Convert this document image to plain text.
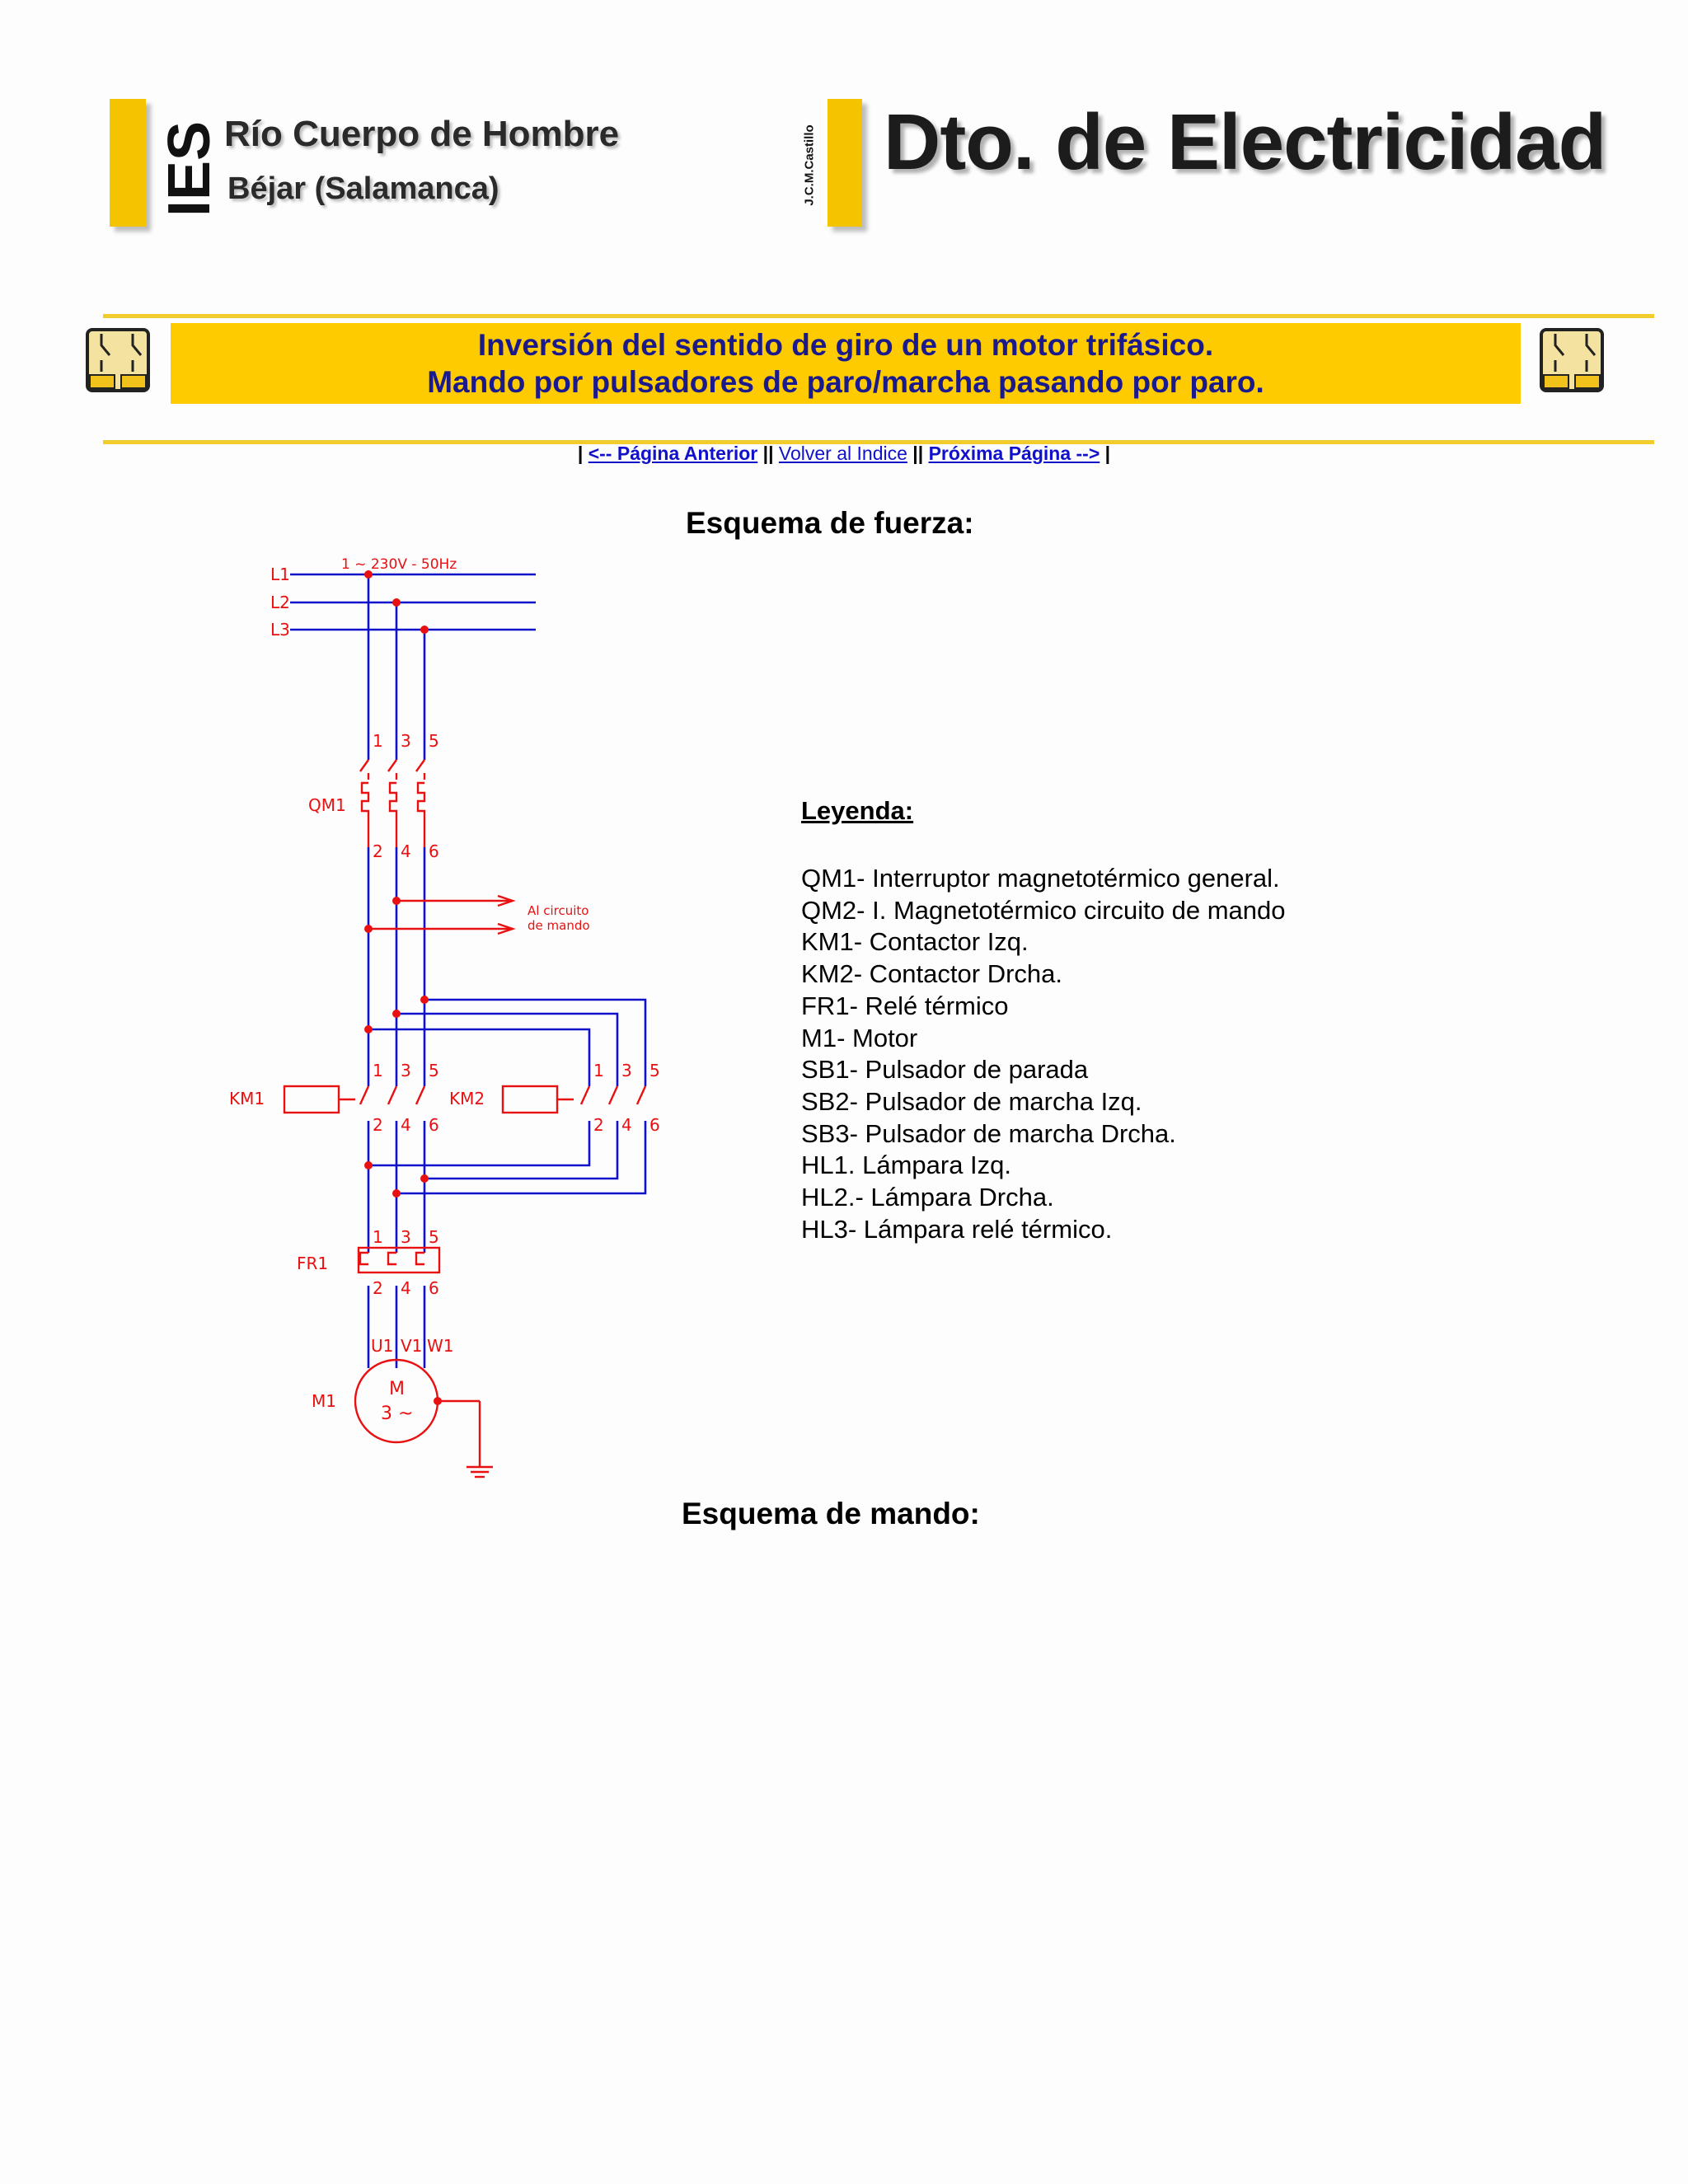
IES Río Cuerpo de Hombre
Béjar (Salamanca)	J.C.M.Castillo Dto. de Electricidad
Inversión del sentido de giro de un motor trifásico.
Mando por pulsadores de paro/marcha pasando por paro.
| <-- Página Anterior || Volver al Indice || Próxima Página --> |
Esquema de fuerza:
1 ~ 230V - 50Hz
L1
L2
L3
1 3 5
2 4 6
QM1
Al circuito
de mando
KM1
1 3 5
2 4 6
KM2
1 3 5
2 4 6
FR1
1 3 5
2 4 6
U1 V1 W1
M1
M
3 ~
Leyenda:
QM1- Interruptor magnetotérmico general.
QM2- I. Magnetotérmico circuito de mando
KM1- Contactor Izq.
KM2- Contactor Drcha.
FR1- Relé térmico
M1- Motor
SB1- Pulsador de parada
SB2- Pulsador de marcha Izq.
SB3- Pulsador de marcha Drcha.
HL1. Lámpara Izq.
HL2.- Lámpara Drcha.
HL3- Lámpara relé térmico.
Esquema de mando:
